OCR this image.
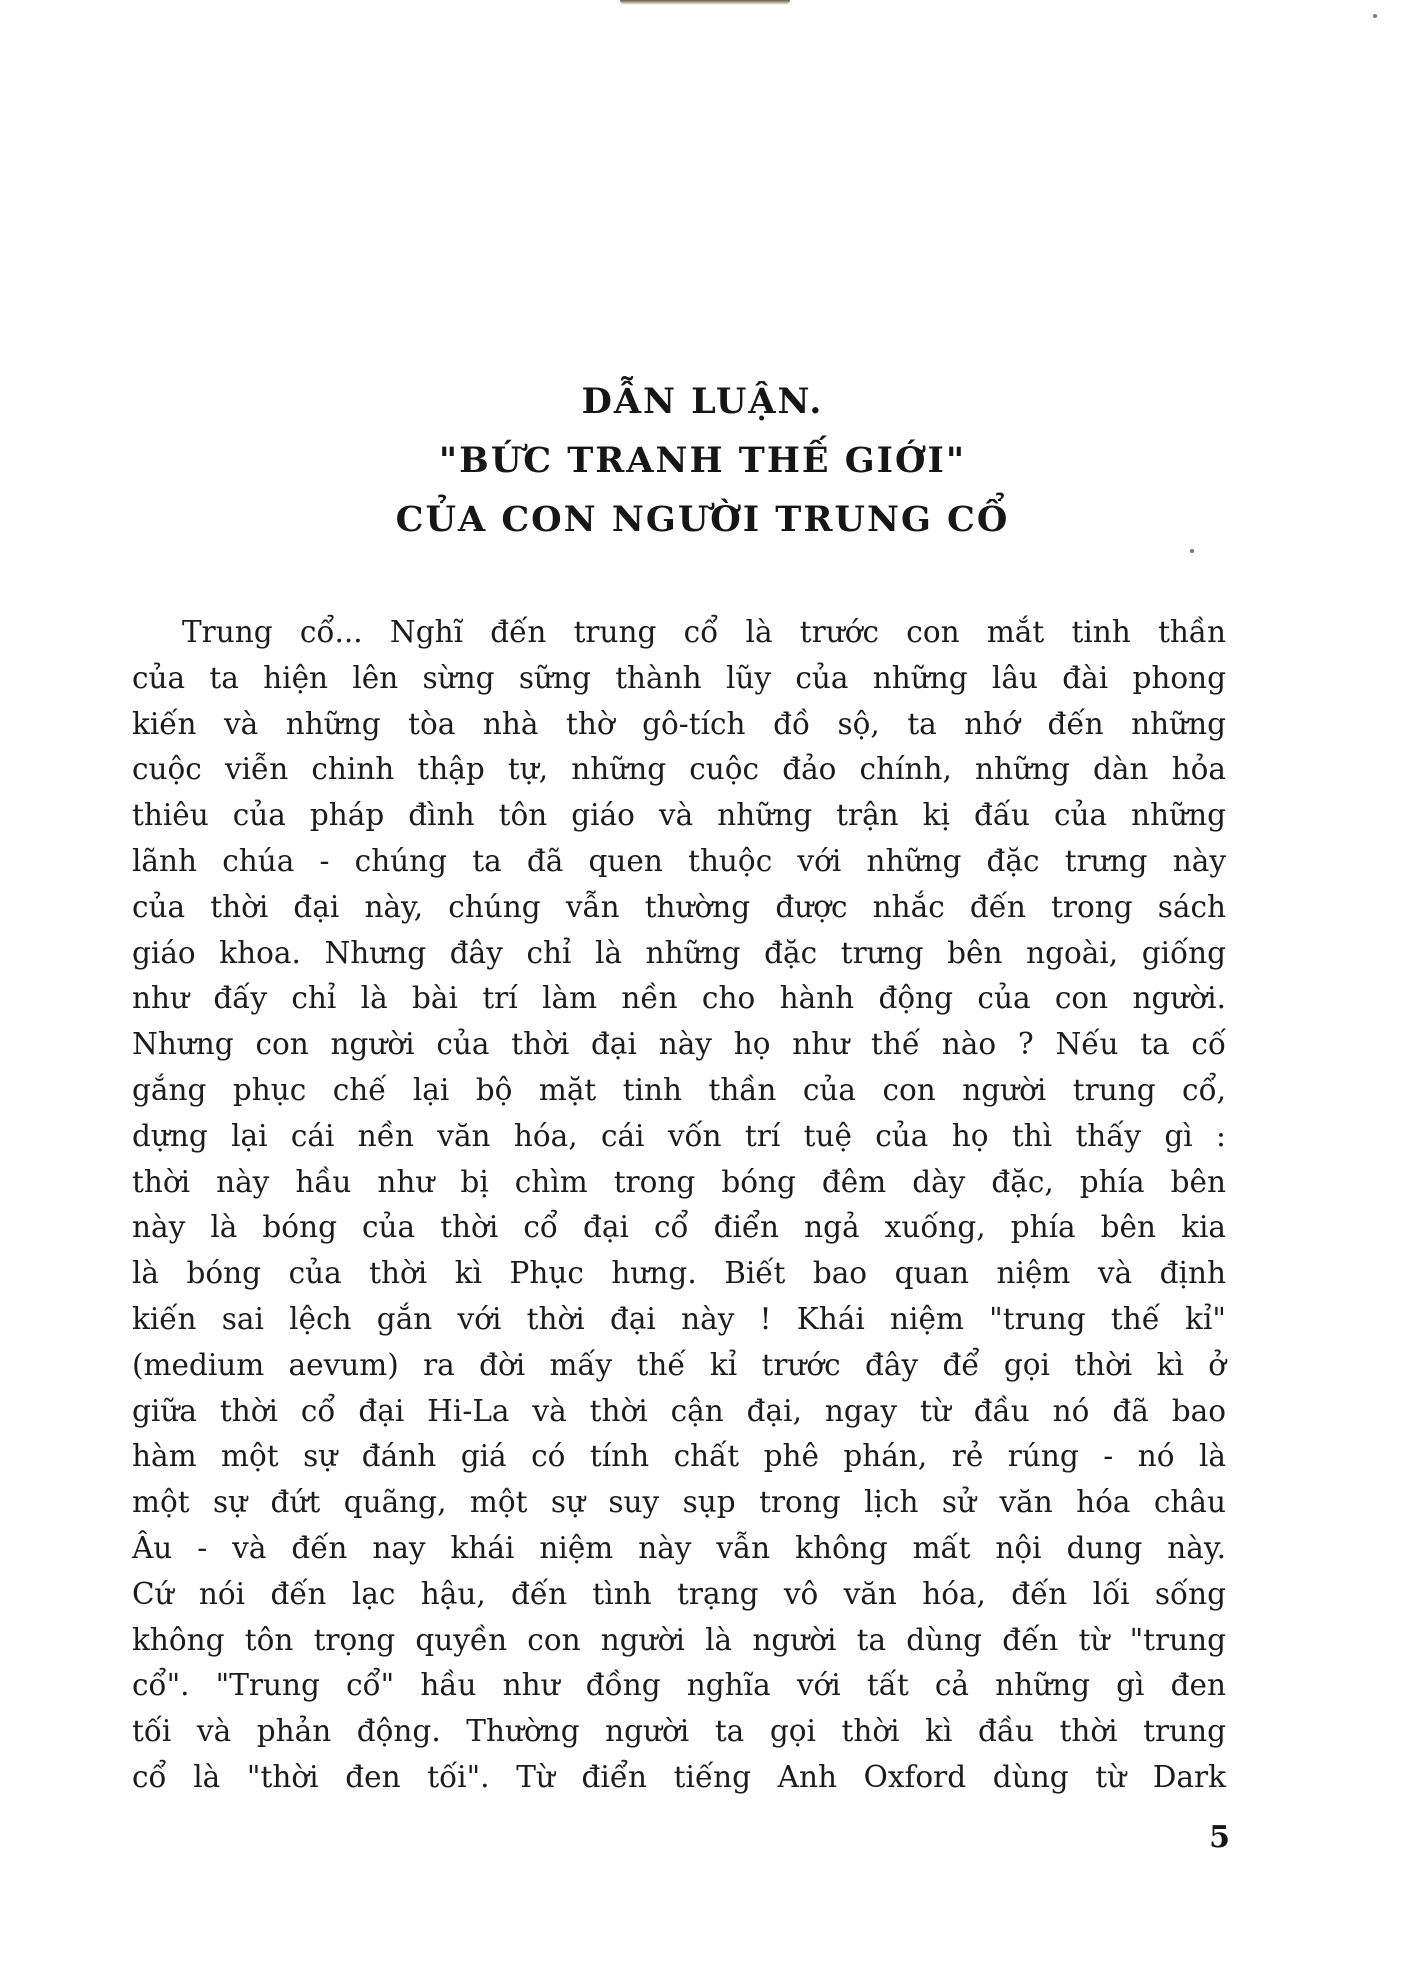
DẪN LUẬN.
"BỨC TRANH THẾ GIỚI"
CỦA CON NGƯỜI TRUNG CỔ
Trung cổ... Nghĩ đến trung cổ là trước con mắt tinh thần
của ta hiện lên sừng sững thành lũy của những lâu đài phong
kiến và những tòa nhà thờ gô-tích đồ sộ, ta nhớ đến những
cuộc viễn chinh thập tự, những cuộc đảo chính, những dàn hỏa
thiêu của pháp đình tôn giáo và những trận kị đấu của những
lãnh chúa - chúng ta đã quen thuộc với những đặc trưng này
của thời đại này, chúng vẫn thường được nhắc đến trong sách
giáo khoa. Nhưng đây chỉ là những đặc trưng bên ngoài, giống
như đấy chỉ là bài trí làm nền cho hành động của con người.
Nhưng con người của thời đại này họ như thế nào ? Nếu ta cố
gắng phục chế lại bộ mặt tinh thần của con người trung cổ,
dựng lại cái nền văn hóa, cái vốn trí tuệ của họ thì thấy gì :
thời này hầu như bị chìm trong bóng đêm dày đặc, phía bên
này là bóng của thời cổ đại cổ điển ngả xuống, phía bên kia
là bóng của thời kì Phục hưng. Biết bao quan niệm và định
kiến sai lệch gắn với thời đại này ! Khái niệm "trung thế kỉ"
(medium aevum) ra đời mấy thế kỉ trước đây để gọi thời kì ở
giữa thời cổ đại Hi-La và thời cận đại, ngay từ đầu nó đã bao
hàm một sự đánh giá có tính chất phê phán, rẻ rúng - nó là
một sự đứt quãng, một sự suy sụp trong lịch sử văn hóa châu
Âu - và đến nay khái niệm này vẫn không mất nội dung này.
Cứ nói đến lạc hậu, đến tình trạng vô văn hóa, đến lối sống
không tôn trọng quyền con người là người ta dùng đến từ "trung
cổ". "Trung cổ" hầu như đồng nghĩa với tất cả những gì đen
tối và phản động. Thường người ta gọi thời kì đầu thời trung
cổ là "thời đen tối". Từ điển tiếng Anh Oxford dùng từ Dark
5
